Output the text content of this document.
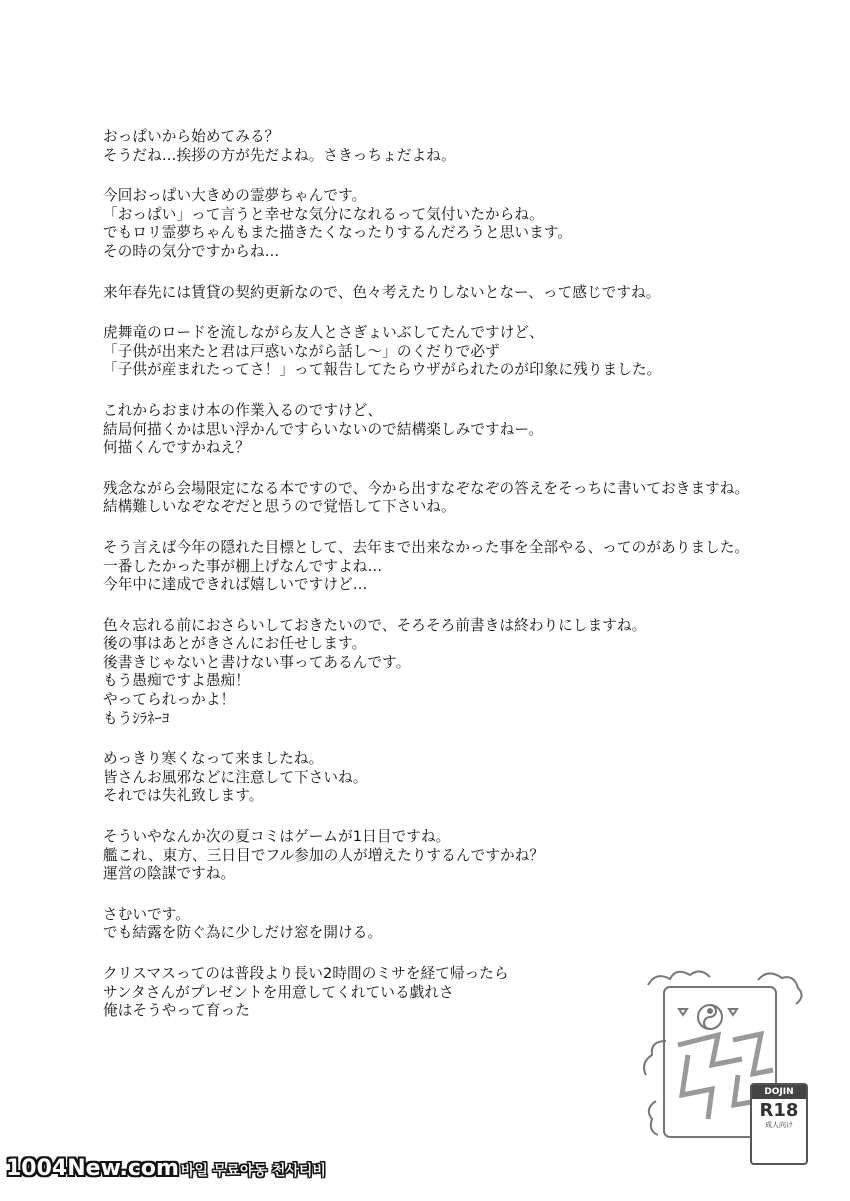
おっぱいから始めてみる？
そうだね…挨拶の方が先だよね。さきっちょだよね。
今回おっぱい大きめの霊夢ちゃんです。
「おっぱい」って言うと幸せな気分になれるって気付いたからね。
でもロリ霊夢ちゃんもまた描きたくなったりするんだろうと思います。
その時の気分ですからね…
来年春先には賃貸の契約更新なので、色々考えたりしないとなー、って感じですね。
虎舞竜のロードを流しながら友人とさぎょいぶしてたんですけど、
「子供が出来たと君は戸惑いながら話し～」のくだりで必ず
「子供が産まれたってさ！」って報告してたらウザがられたのが印象に残りました。
これからおまけ本の作業入るのですけど、
結局何描くかは思い浮かんですらいないので結構楽しみですねー。
何描くんですかねえ？
残念ながら会場限定になる本ですので、今から出すなぞなぞの答えをそっちに書いておきますね。
結構難しいなぞなぞだと思うので覚悟して下さいね。
そう言えば今年の隠れた目標として、去年まで出来なかった事を全部やる、ってのがありました。
一番したかった事が棚上げなんですよね…
今年中に達成できれば嬉しいですけど…
色々忘れる前におさらいしておきたいので、そろそろ前書きは終わりにしますね。
後の事はあとがきさんにお任せします。
後書きじゃないと書けない事ってあるんです。
もう愚痴ですよ愚痴！
やってられっかよ！
もうｼﾗﾈｰﾖ
めっきり寒くなって来ましたね。
皆さんお風邪などに注意して下さいね。
それでは失礼致します。
そういやなんか次の夏コミはゲームが1日目ですね。
艦これ、東方、三日目でフル参加の人が増えたりするんですかね？
運営の陰謀ですね。
さむいです。
でも結露を防ぐ為に少しだけ窓を開ける。
クリスマスってのは普段より長い2時間のミサを経て帰ったら
サンタさんがプレゼントを用意してくれている戯れさ
俺はそうやって育った
DOJIN
R18
成人向け
1004New.com 바일 무료야동 천사티비
